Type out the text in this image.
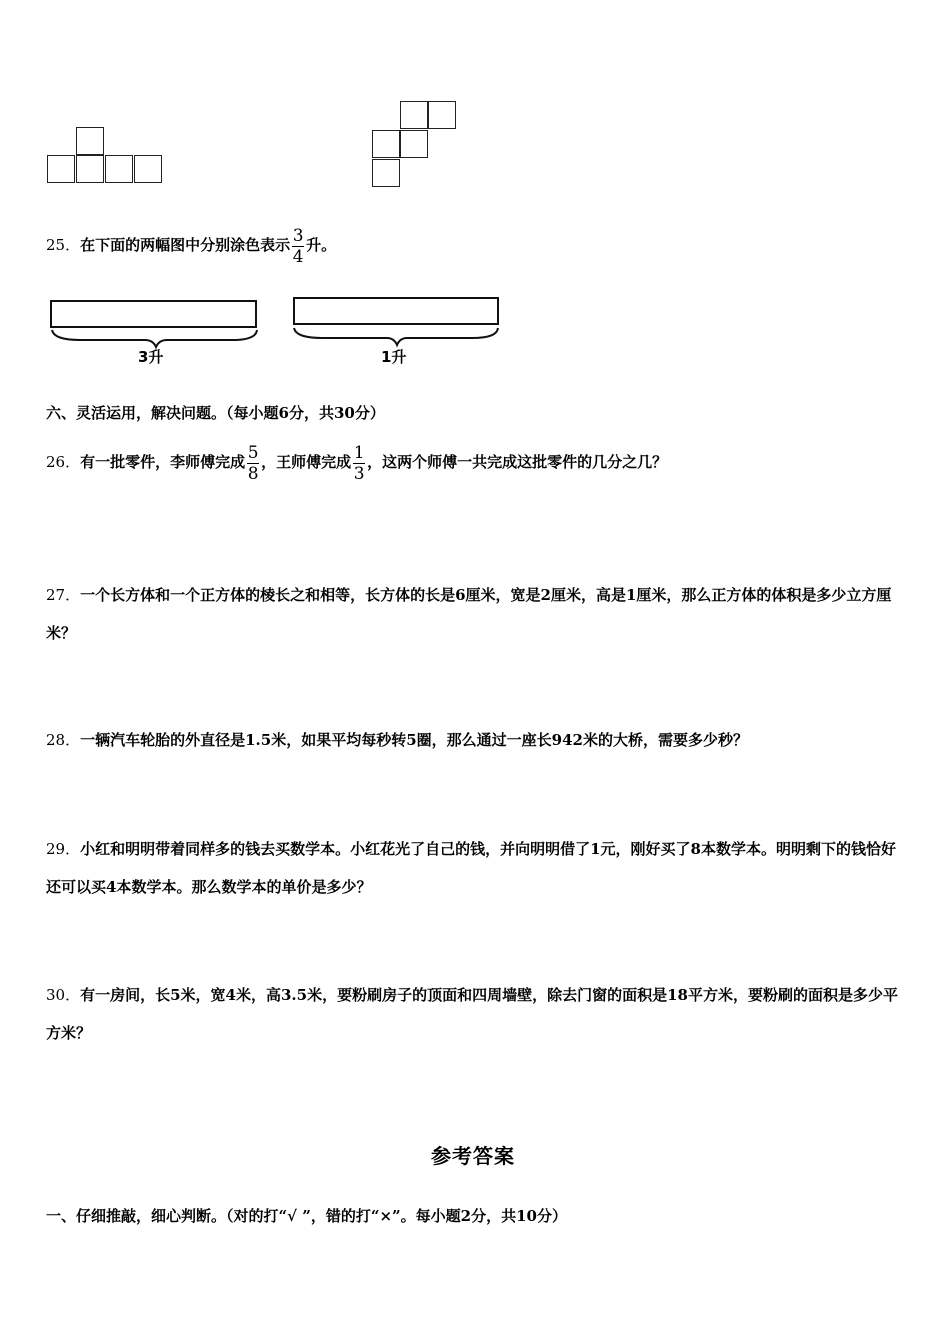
25．在下面的两幅图中分别涂色表示 $\frac{3}{4}$ 升。
3升	1升
六、灵活运用，解决问题。（每小题6分，共30分）
26．有一批零件，李师傅完成 $\frac{5}{8}$ ，王师傅完成 $\frac{1}{3}$ ，这两个师傅一共完成这批零件的几分之几？
27．一个长方体和一个正方体的棱长之和相等，长方体的长是6厘米，宽是2厘米，高是1厘米，那么正方体的体积是多少立方厘米？
28．一辆汽车轮胎的外直径是1.5米，如果平均每秒转5圈，那么通过一座长942米的大桥，需要多少秒？
29．小红和明明带着同样多的钱去买数学本。小红花光了自己的钱，并向明明借了1元，刚好买了8本数学本。明明剩下的钱恰好还可以买4本数学本。那么数学本的单价是多少？
30．有一房间，长5米，宽4米，高3.5米，要粉刷房子的顶面和四周墙壁，除去门窗的面积是18平方米，要粉刷的面积是多少平方米？
参考答案
一、仔细推敲，细心判断。（对的打“√ ”，错的打“×”。每小题2分，共10分）
